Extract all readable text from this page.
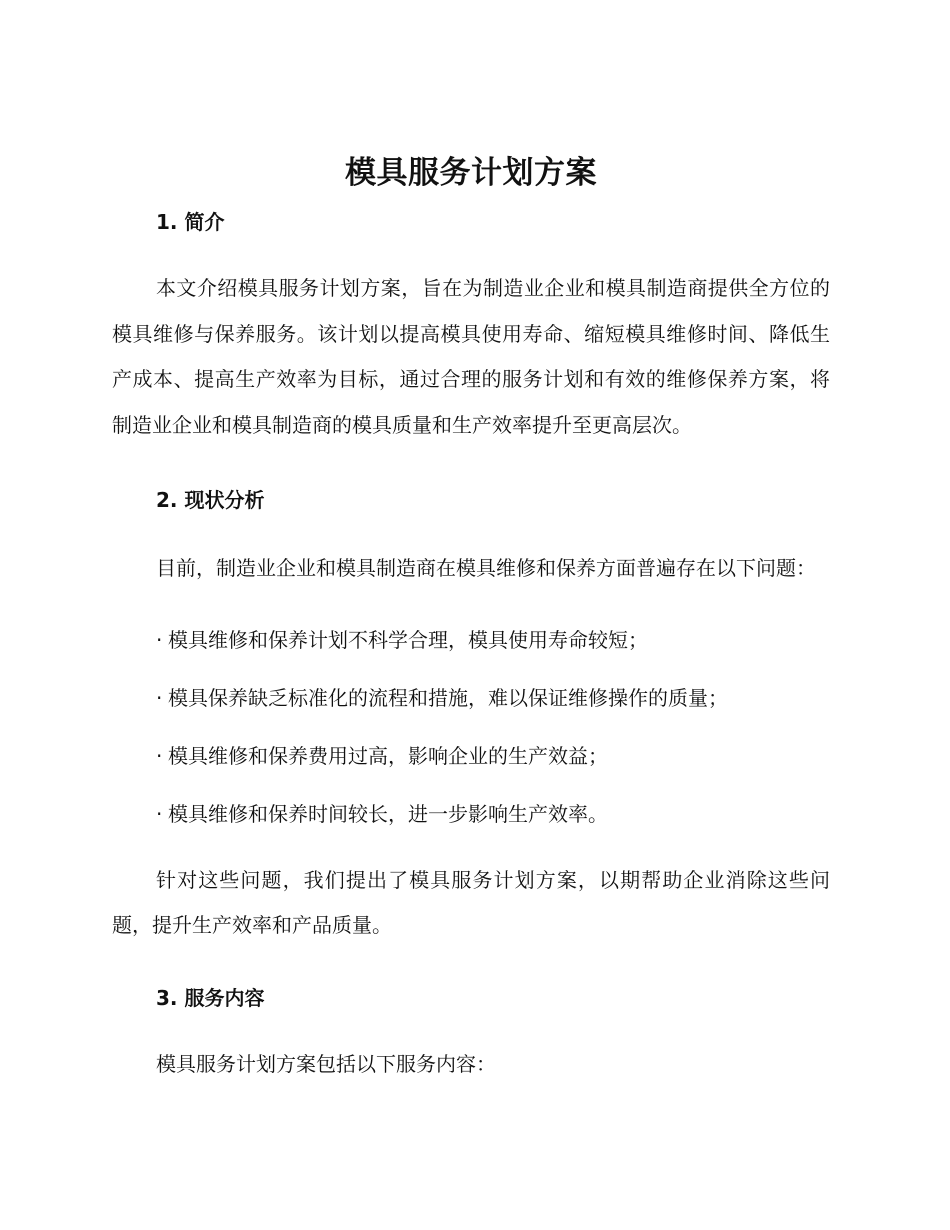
模具服务计划方案
1. 简介

本文介绍模具服务计划方案，旨在为制造业企业和模具制造商提供全方位的模具维修与保养服务。该计划以提高模具使用寿命、缩短模具维修时间、降低生产成本、提高生产效率为目标，通过合理的服务计划和有效的维修保养方案，将制造业企业和模具制造商的模具质量和生产效率提升至更高层次。

2. 现状分析

目前，制造业企业和模具制造商在模具维修和保养方面普遍存在以下问题：

· 模具维修和保养计划不科学合理，模具使用寿命较短；
· 模具保养缺乏标准化的流程和措施，难以保证维修操作的质量；
· 模具维修和保养费用过高，影响企业的生产效益；
· 模具维修和保养时间较长，进一步影响生产效率。

针对这些问题，我们提出了模具服务计划方案，以期帮助企业消除这些问题，提升生产效率和产品质量。

3. 服务内容

模具服务计划方案包括以下服务内容：
